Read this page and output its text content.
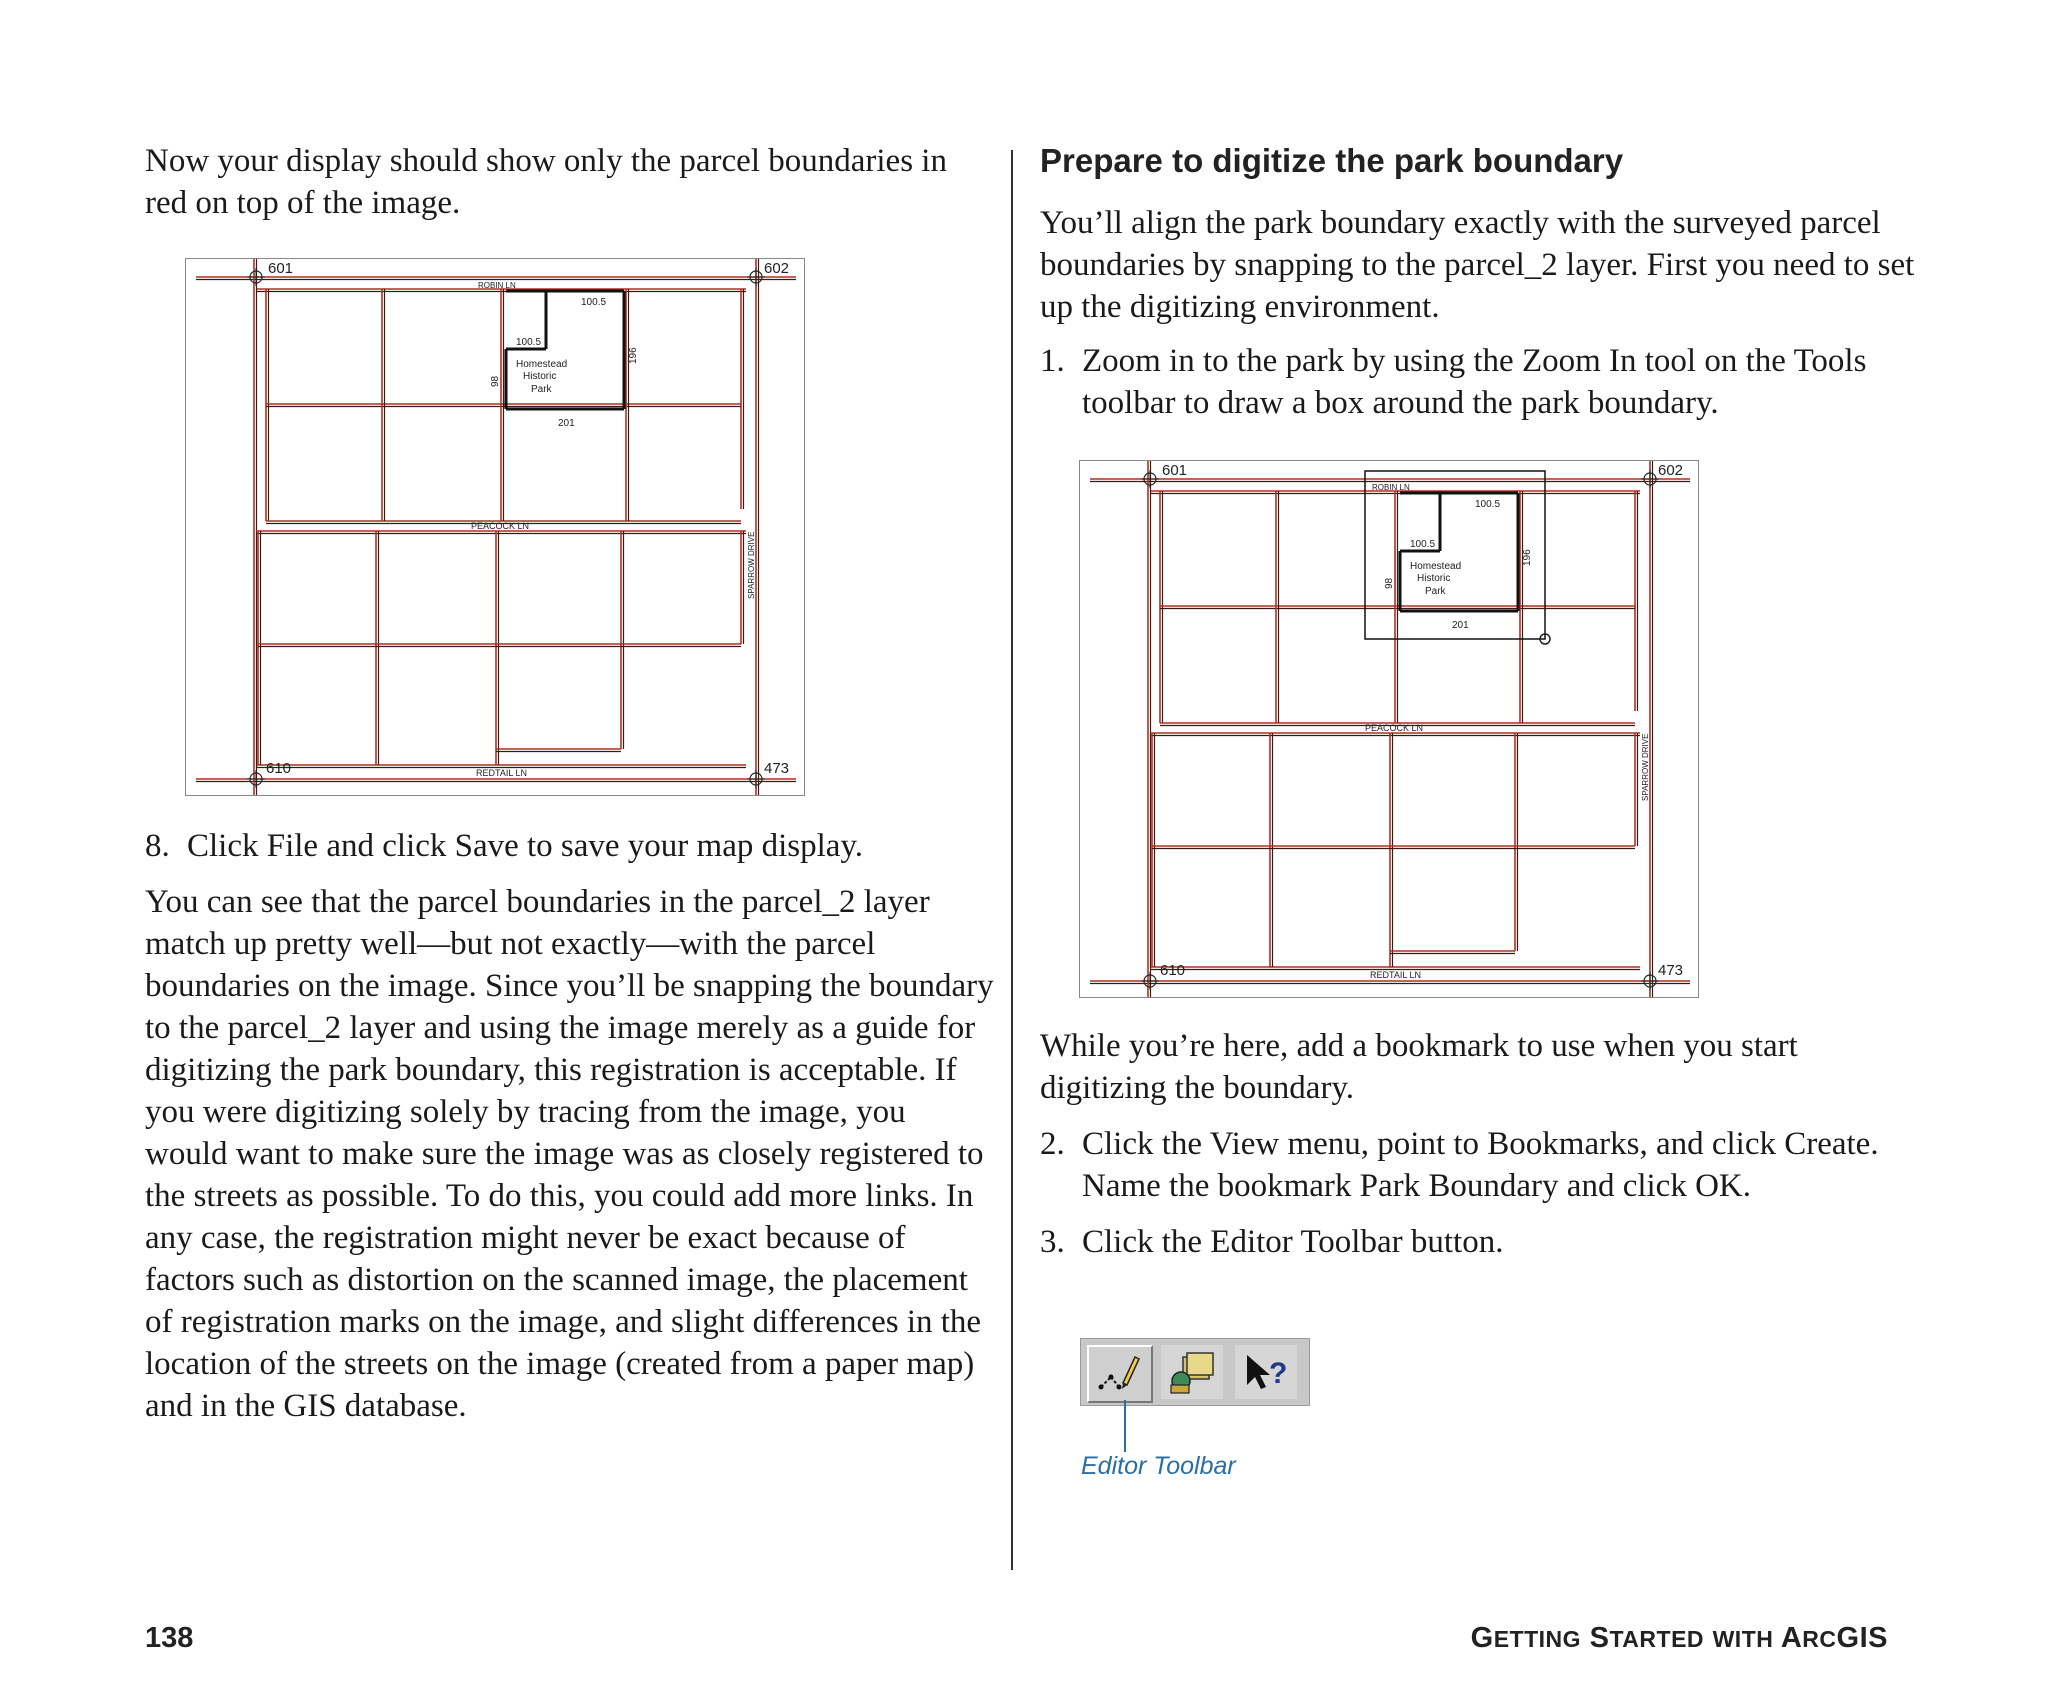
Now your display should show only the parcel boundaries in red on top of the image.

601	602
610	473
ROBIN LN
PEACOCK LN
REDTAIL LN
SPARROW DRIVE
Homestead
Historic
Park
100.5
100.5
98
196
201
8. Click File and click Save to save your map display.

You can see that the parcel boundaries in the parcel_2 layer match up pretty well—but not exactly—with the parcel boundaries on the image. Since you’ll be snapping the boundary to the parcel_2 layer and using the image merely as a guide for digitizing the park boundary, this registration is acceptable. If you were digitizing solely by tracing from the image, you would want to make sure the image was as closely registered to the streets as possible. To do this, you could add more links. In any case, the registration might never be exact because of factors such as distortion on the scanned image, the placement of registration marks on the image, and slight differences in the location of the streets on the image (created from a paper map) and in the GIS database.

Prepare to digitize the park boundary

You’ll align the park boundary exactly with the surveyed parcel boundaries by snapping to the parcel_2 layer. First you need to set up the digitizing environment.

1. Zoom in to the park by using the Zoom In tool on the Tools toolbar to draw a box around the park boundary.
601	602
610	473
ROBIN LN
PEACOCK LN
REDTAIL LN
SPARROW DRIVE
Homestead
Historic
Park
100.5
100.5
98
196
201

While you’re here, add a bookmark to use when you start digitizing the boundary.

2. Click the View menu, point to Bookmarks, and click Create. Name the bookmark Park Boundary and click OK.
3. Click the Editor Toolbar button.
?
Editor Toolbar
138	GETTING STARTED WITH ARCGIS
